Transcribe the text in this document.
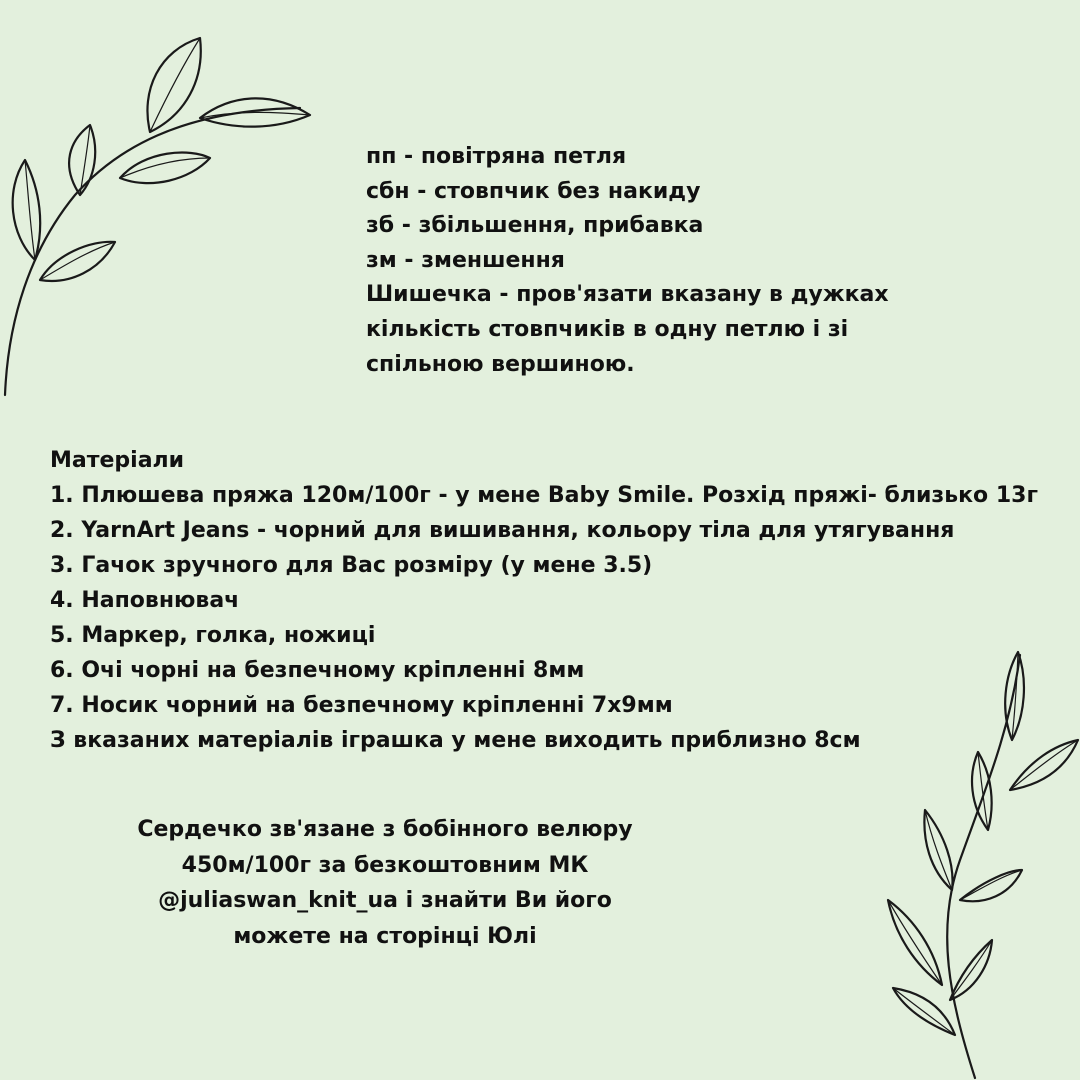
пп - повітряна петля
сбн - стовпчик без накиду
зб - збільшення, прибавка
зм - зменшення
Шишечка - пров'язати вказану в дужках
кількість стовпчиків в одну петлю і зі
спільною вершиною.
Матеріали
1. Плюшева пряжа 120м/100г - у мене Baby Smile. Розхід пряжі- близько 13г
2. YarnArt Jeans - чорний для вишивання, кольору тіла для утягування
3. Гачок зручного для Вас розміру (у мене 3.5)
4. Наповнювач
5. Маркер, голка, ножиці
6. Очі чорні на безпечному кріпленні 8мм
7. Носик чорний на безпечному кріпленні 7х9мм
З вказаних матеріалів іграшка у мене виходить приблизно 8см
Сердечко зв'язане з бобінного велюру
450м/100г за безкоштовним МК
@juliaswan_knit_ua і знайти Ви його
можете на сторінці Юлі
